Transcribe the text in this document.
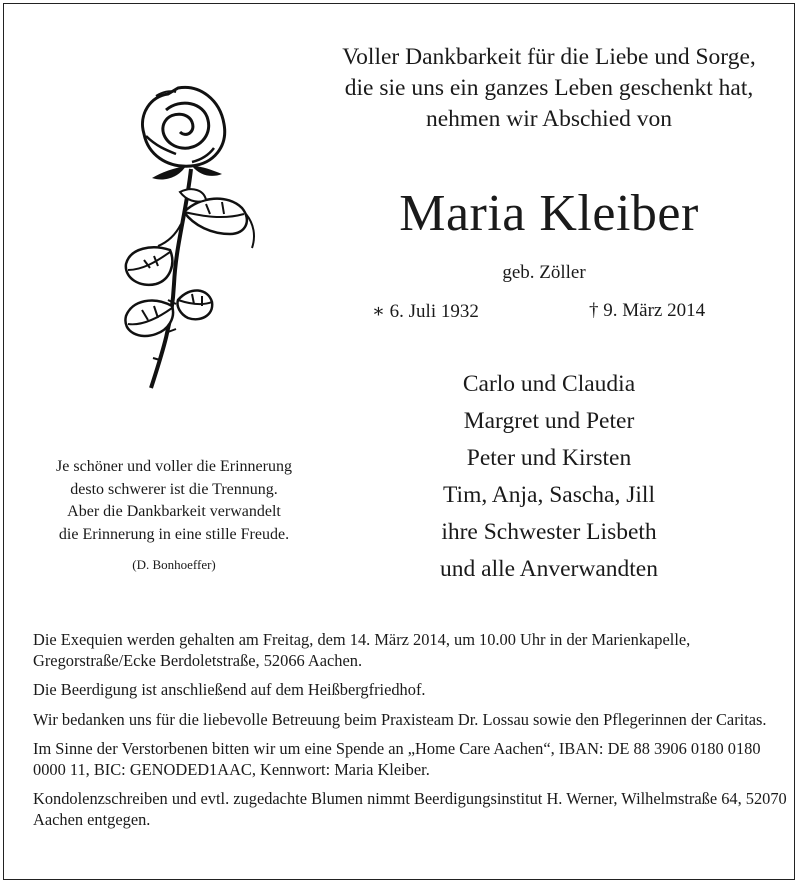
Voller Dankbarkeit für die Liebe und Sorge,
die sie uns ein ganzes Leben geschenkt hat,
nehmen wir Abschied von
Maria Kleiber
geb. Zöller
∗ 6. Juli 1932	† 9. März 2014
Carlo und Claudia
Margret und Peter
Peter und Kirsten
Tim, Anja, Sascha, Jill
ihre Schwester Lisbeth
und alle Anverwandten
Je schöner und voller die Erinnerung
desto schwerer ist die Trennung.
Aber die Dankbarkeit verwandelt
die Erinnerung in eine stille Freude.
(D. Bonhoeffer)

Die Exequien werden gehalten am Freitag, dem 14. März 2014, um 10.00 Uhr in der Marienkapelle, Gregorstraße/Ecke Berdoletstraße, 52066 Aachen.

Die Beerdigung ist anschließend auf dem Heißbergfriedhof.

Wir bedanken uns für die liebevolle Betreuung beim Praxisteam Dr. Lossau sowie den Pflegerinnen der Caritas.

Im Sinne der Verstorbenen bitten wir um eine Spende an „Home Care Aachen“, IBAN: DE 88 3906 0180 0180 0000 11, BIC: GENODED1AAC, Kennwort: Maria Kleiber.

Kondolenzschreiben und evtl. zugedachte Blumen nimmt Beerdigungsinstitut H. Werner, Wilhelmstraße 64, 52070 Aachen entgegen.
